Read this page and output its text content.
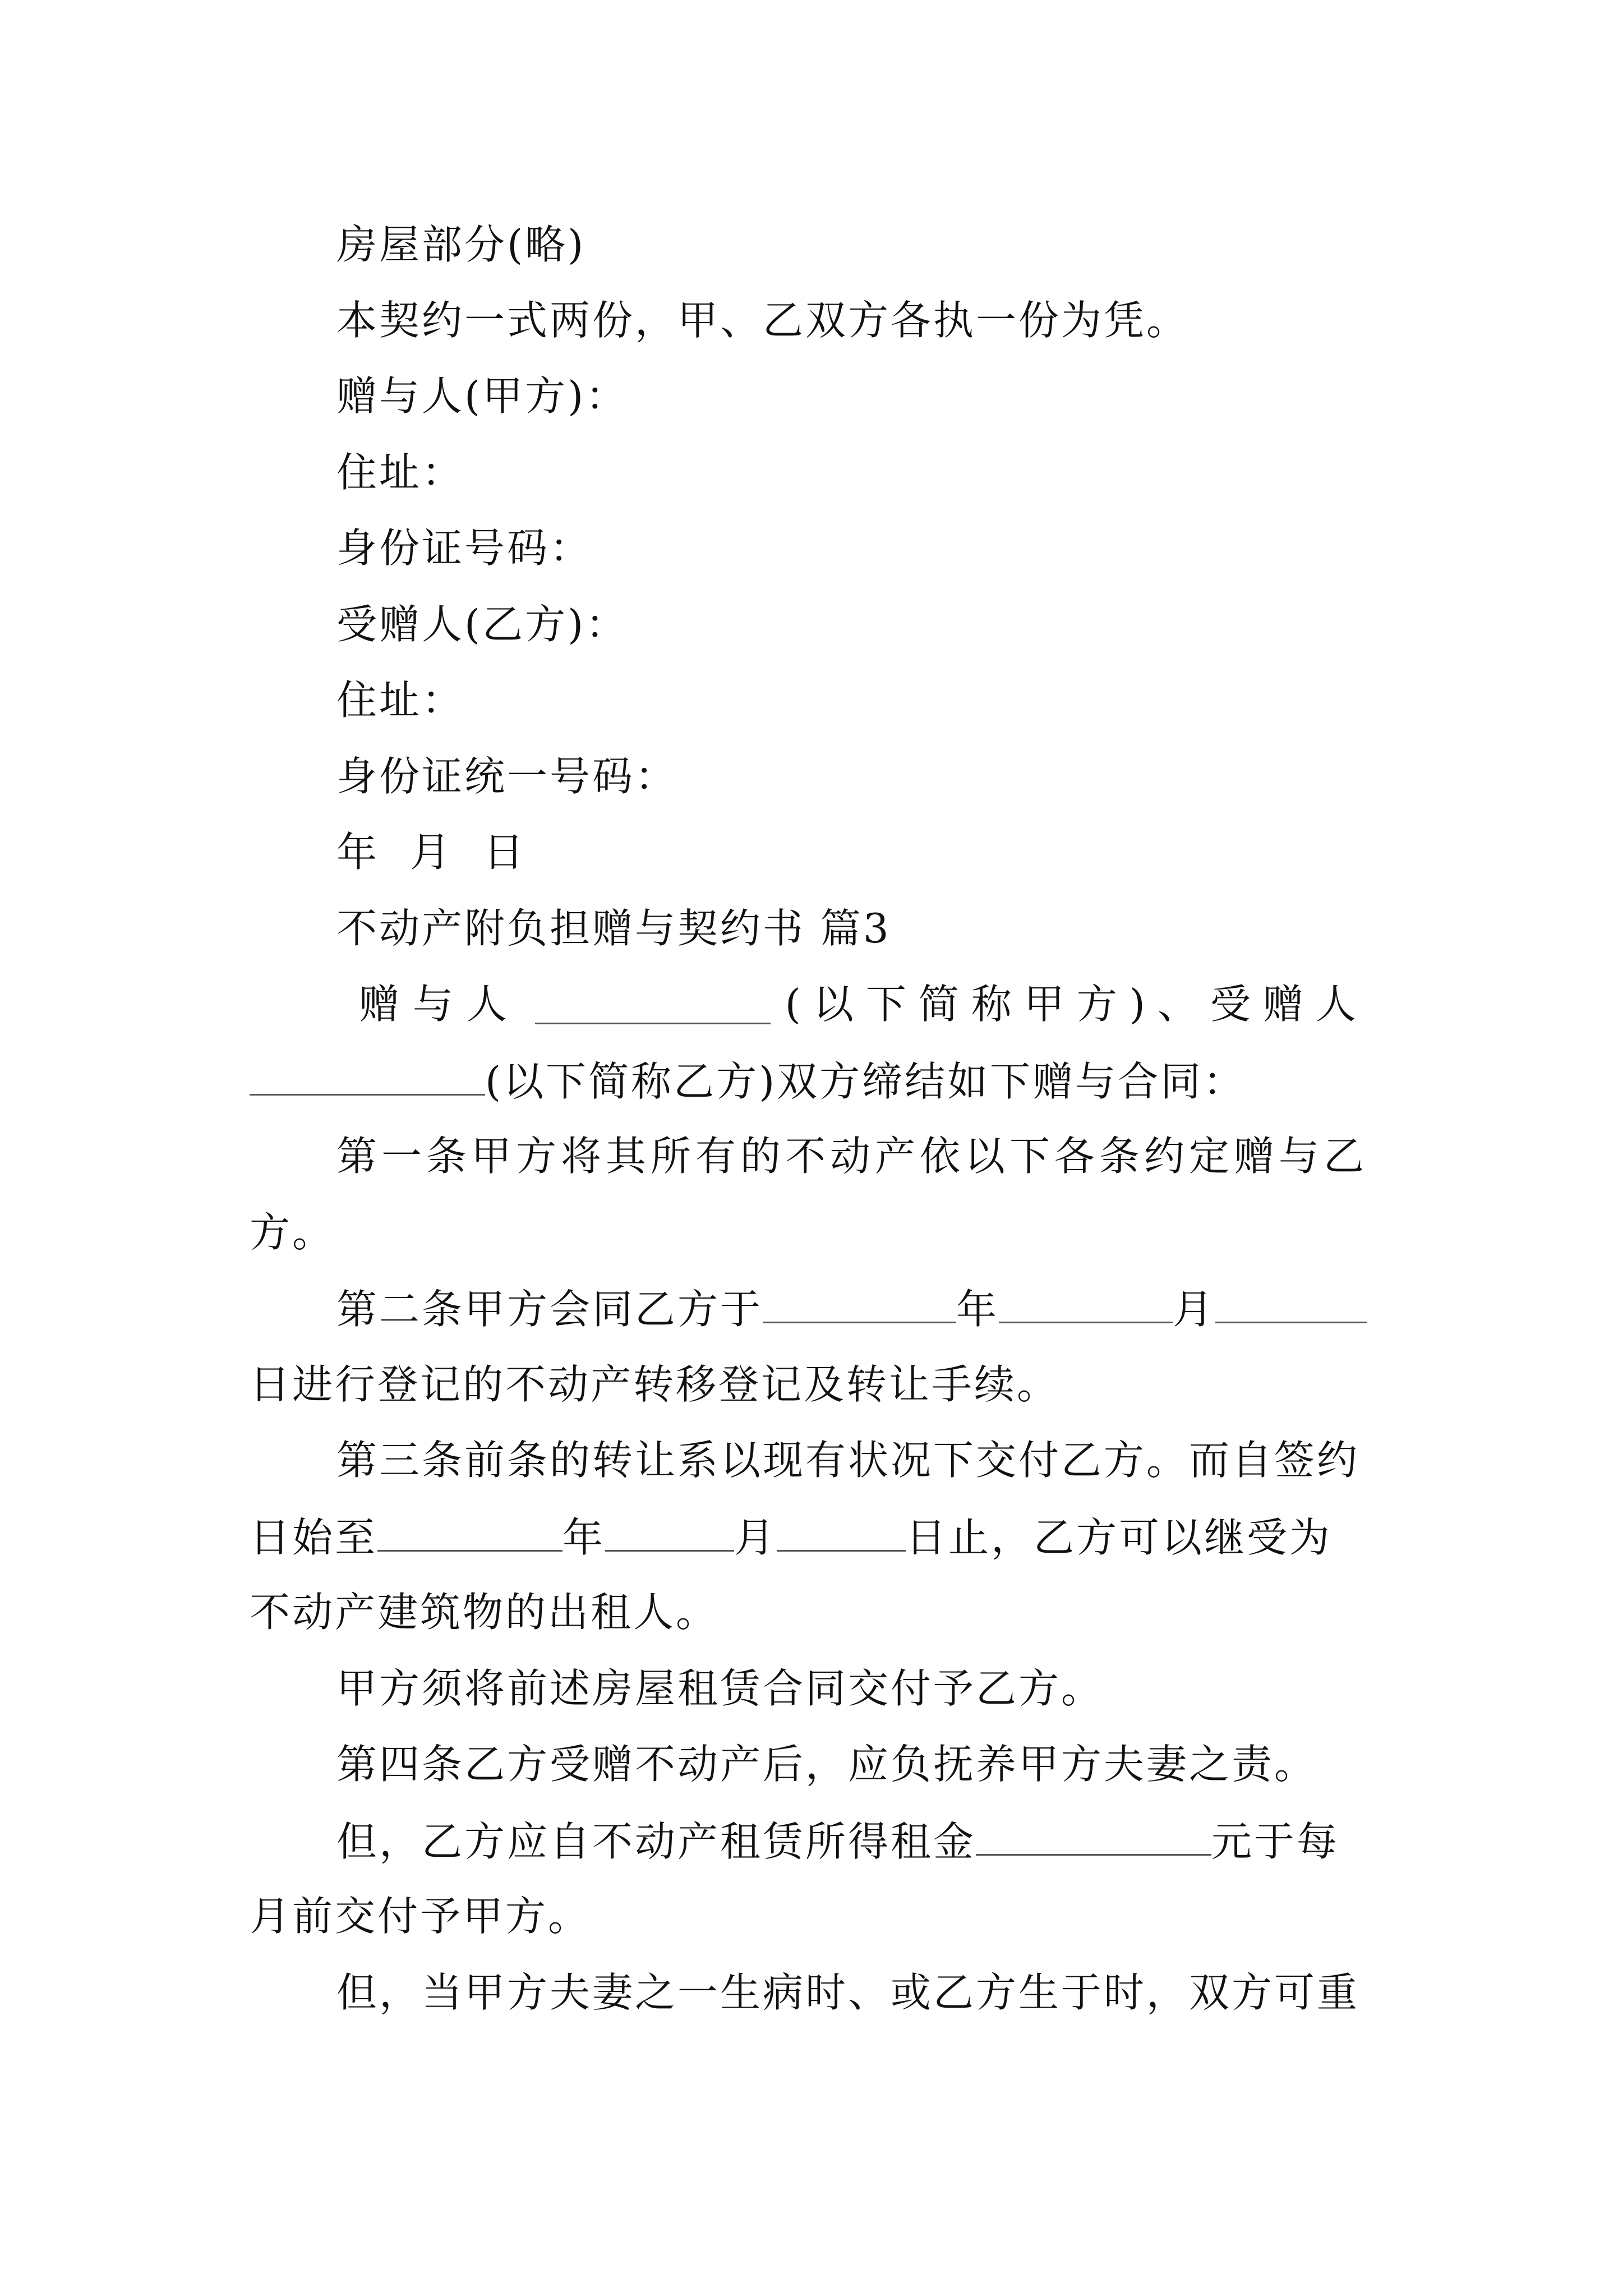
房屋部分(略)
本契约一式两份，甲、乙双方各执一份为凭。
赠与人(甲方)：
住址：
身份证号码：
受赠人(乙方)：
住址：
身份证统一号码：
年 月 日
不动产附负担赠与契约书 篇3
赠与人	(以下简称甲方)、受赠人
(以下简称乙方)双方缔结如下赠与合同：
第一条甲方将其所有的不动产依以下各条约定赠与乙
方。
第二条甲方会同乙方于	年	月
日进行登记的不动产转移登记及转让手续。
第三条前条的转让系以现有状况下交付乙方。而自签约
日始至	年	月	日止，乙方可以继受为
不动产建筑物的出租人。
甲方须将前述房屋租赁合同交付予乙方。
第四条乙方受赠不动产后，应负抚养甲方夫妻之责。
但，乙方应自不动产租赁所得租金	元于每
月前交付予甲方。
但，当甲方夫妻之一生病时、或乙方生于时，双方可重
